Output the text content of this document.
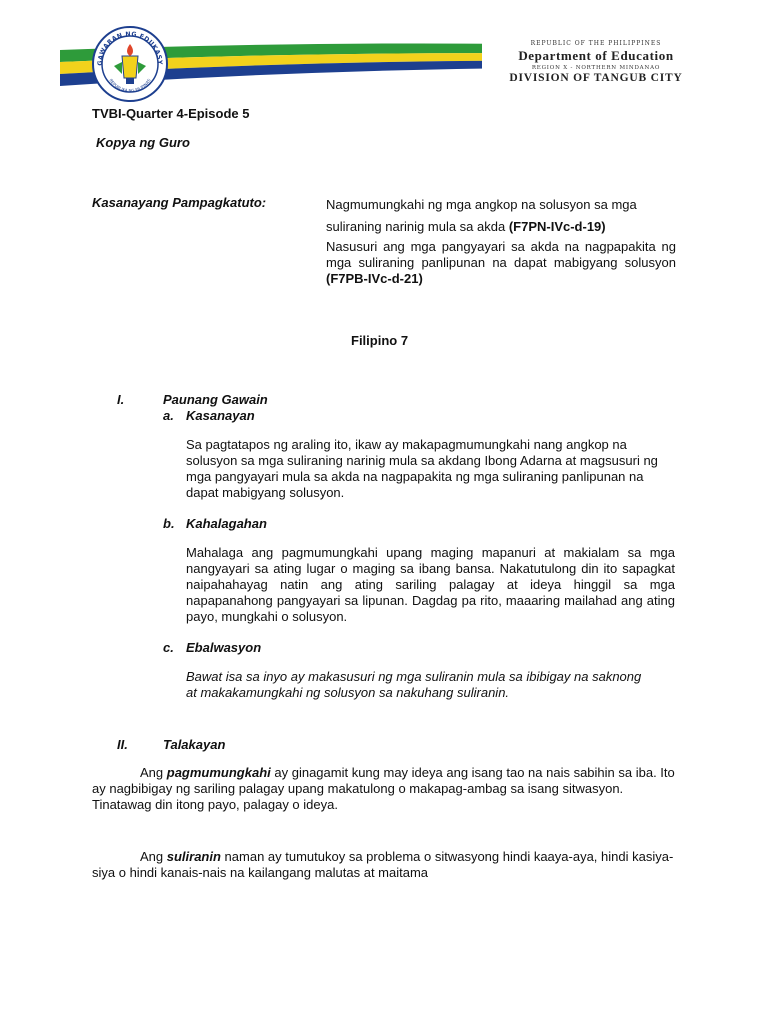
GAWARAN NG EDUKASY
REPUBLIKA NG PILIPINAS
REPUBLIC OF THE PHILIPPINES
Department of Education
REGION X - NORTHERN MINDANAO
DIVISION OF TANGUB CITY
TVBI-Quarter 4-Episode 5
Kopya ng Guro
Kasanayang Pampagkatuto:	Nagmumungkahi ng mga angkop na solusyon sa mga
suliraning narinig mula sa akda (F7PN-IVc-d-19)
Nasusuri ang mga pangyayari sa akda na nagpapakita ng mga suliraning panlipunan na dapat mabigyang solusyon (F7PB-IVc-d-21)
Filipino 7
I.	Paunang Gawain
a. Kasanayan
Sa pagtatapos ng araling ito, ikaw ay makapagmumungkahi nang angkop na solusyon sa mga suliraning narinig mula sa akdang Ibong Adarna at magsusuri ng mga pangyayari mula sa akda na nagpapakita ng mga suliraning panlipunan na dapat mabigyang solusyon.
b. Kahalagahan
Mahalaga ang pagmumungkahi upang maging mapanuri at makialam sa mga nangyayari sa ating lugar o maging sa ibang bansa. Nakatutulong din ito sapagkat naipahahayag natin ang ating sariling palagay at ideya hinggil sa mga napapanahong pangyayari sa lipunan. Dagdag pa rito, maaaring mailahad ang ating payo, mungkahi o solusyon.
c. Ebalwasyon
Bawat isa sa inyo ay makasusuri ng mga suliranin mula sa ibibigay na saknong at makakamungkahi ng solusyon sa nakuhang suliranin.
II.	Talakayan
Ang pagmumungkahi ay ginagamit kung may ideya ang isang tao na nais sabihin sa iba. Ito ay nagbibigay ng sariling palagay upang makatulong o makapag-ambag sa isang sitwasyon. Tinatawag din itong payo, palagay o ideya.
Ang suliranin naman ay tumutukoy sa problema o sitwasyong hindi kaaya-aya, hindi kasiya-siya o hindi kanais-nais na kailangang malutas at maitama
